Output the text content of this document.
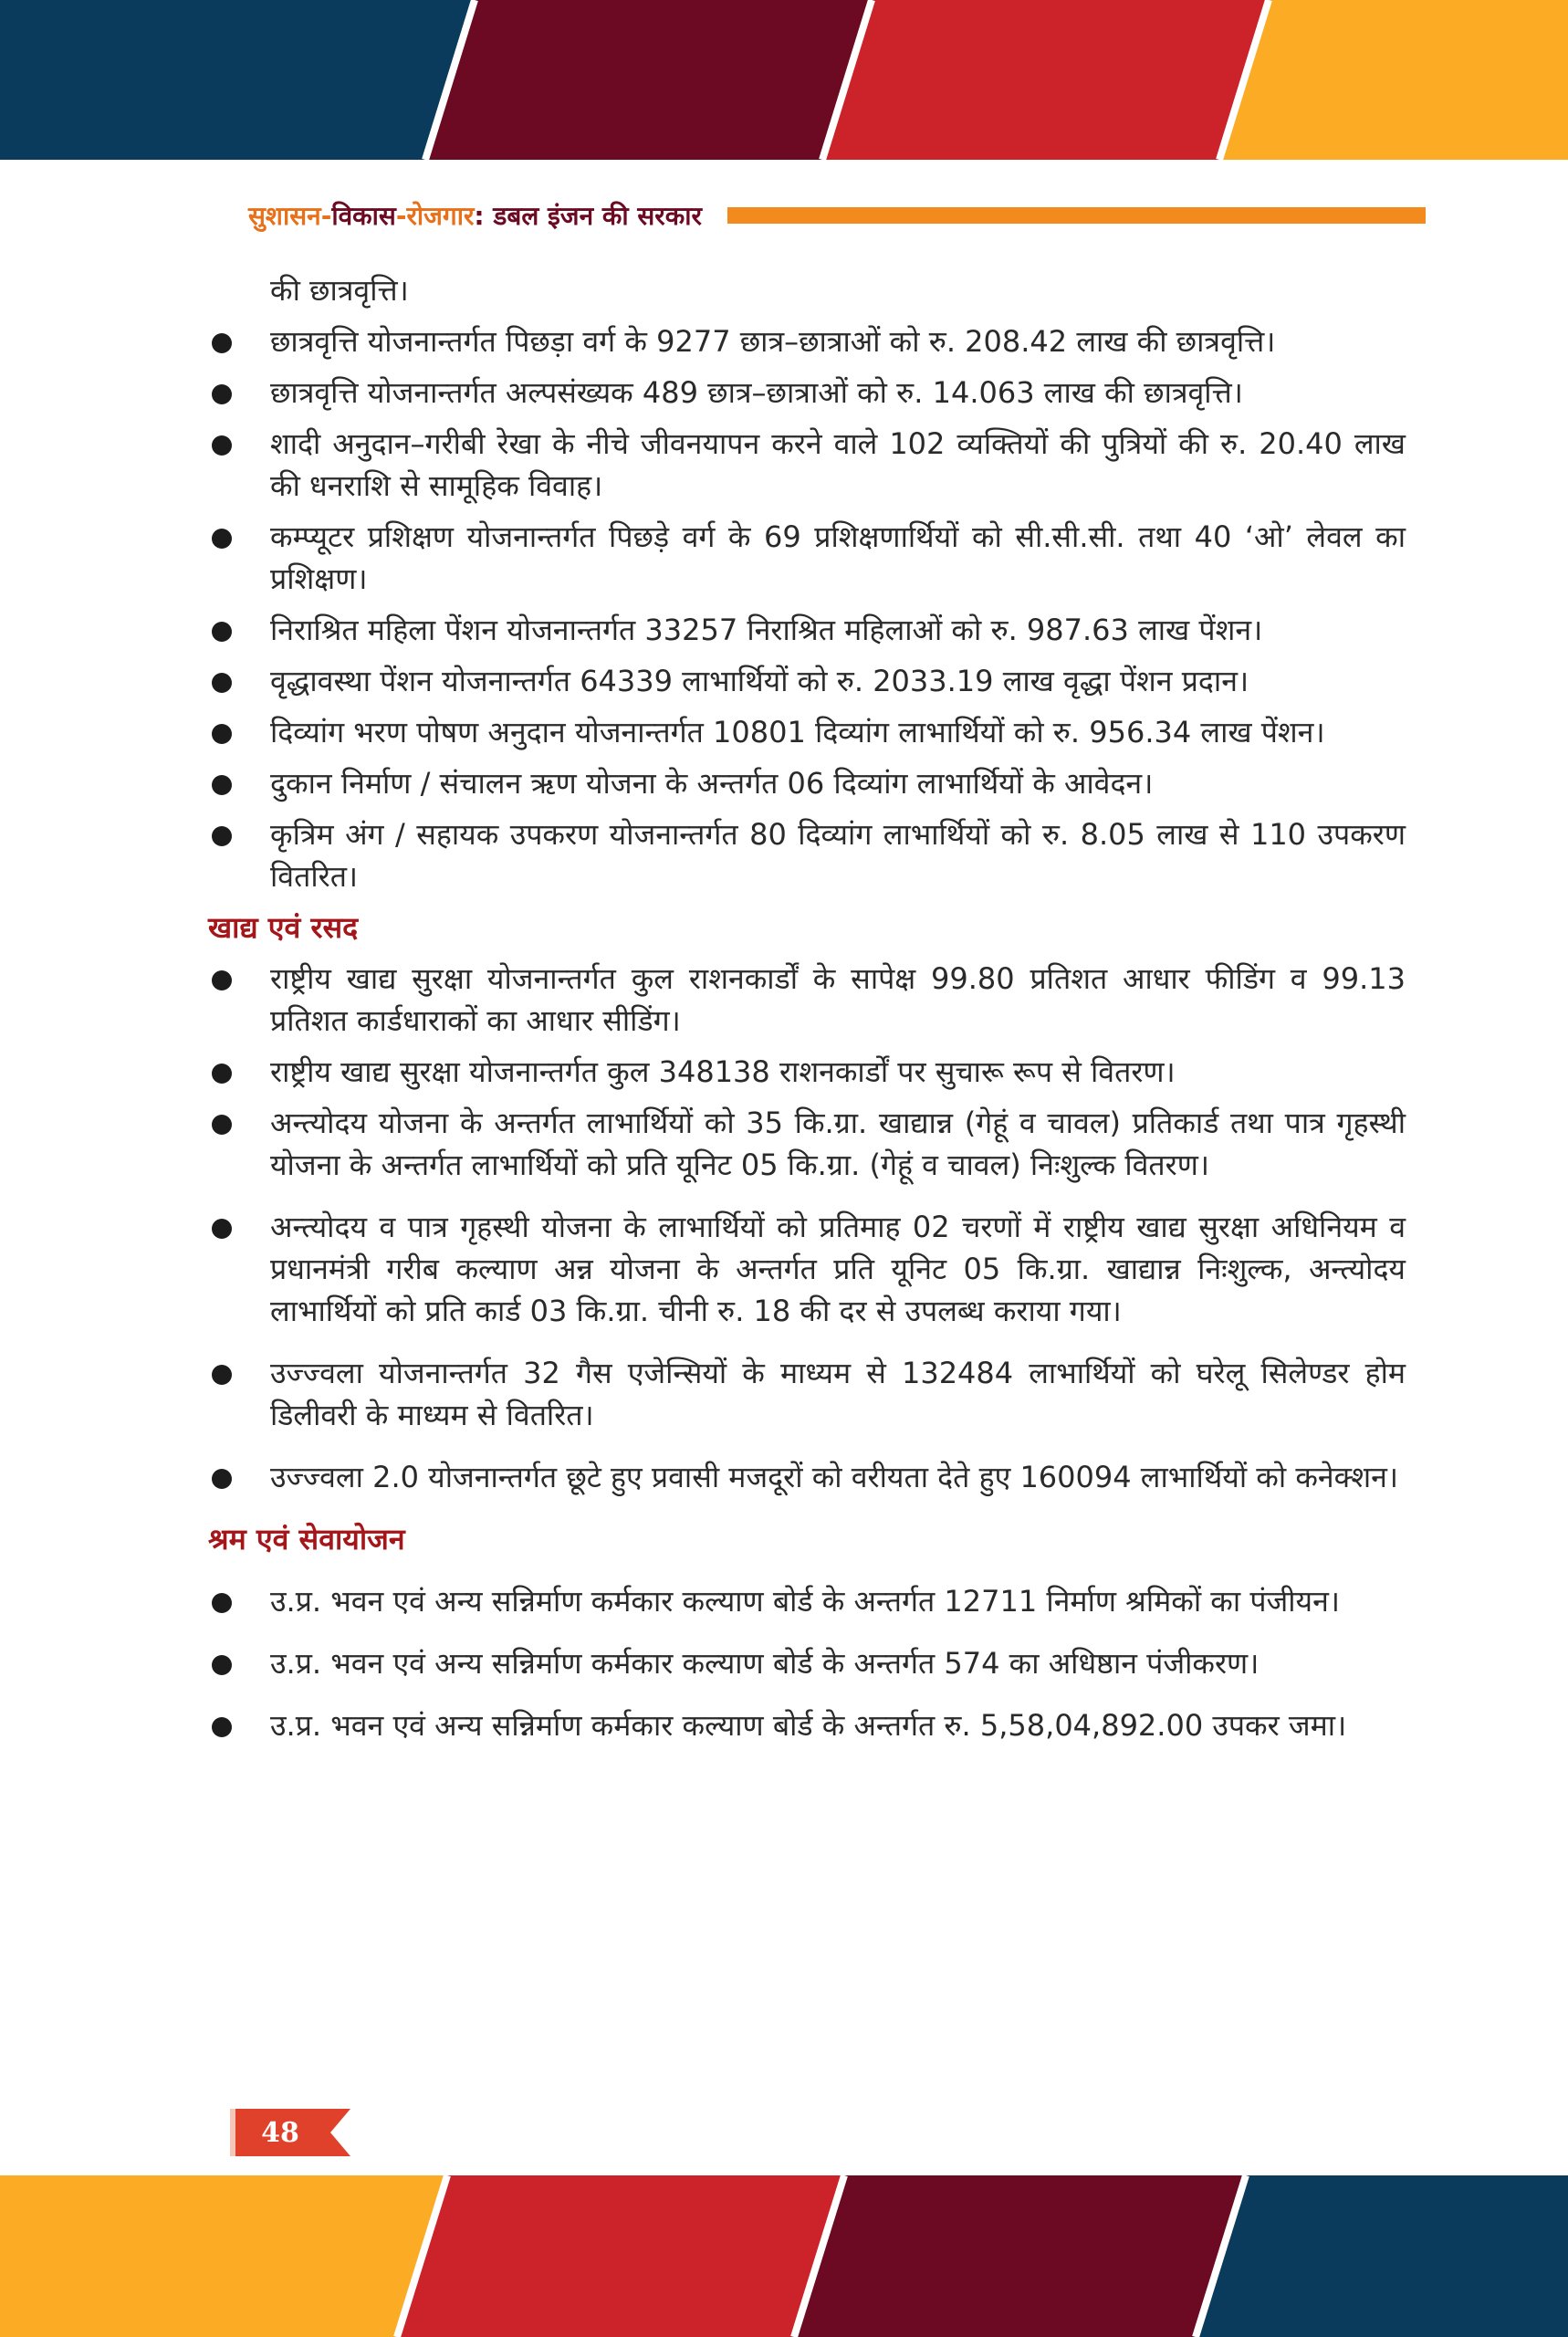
सुशासन- विकास -रोजगार : डबल इंजन की सरकार
की छात्रवृत्ति।
छात्रवृत्ति योजनान्तर्गत पिछड़ा वर्ग के 9277 छात्र–छात्राओं को रु. 208.42 लाख की छात्रवृत्ति।
छात्रवृत्ति योजनान्तर्गत अल्पसंख्यक 489 छात्र–छात्राओं को रु. 14.063 लाख की छात्रवृत्ति।
शादी अनुदान–गरीबी रेखा के नीचे जीवनयापन करने वाले 102 व्यक्तियों की पुत्रियों की रु. 20.40 लाख की धनराशि से सामूहिक विवाह।
कम्प्यूटर प्रशिक्षण योजनान्तर्गत पिछड़े वर्ग के 69 प्रशिक्षणार्थियों को सी.सी.सी. तथा 40 ‘ओ’ लेवल का प्रशिक्षण।
निराश्रित महिला पेंशन योजनान्तर्गत 33257 निराश्रित महिलाओं को रु. 987.63 लाख पेंशन।
वृद्धावस्था पेंशन योजनान्तर्गत 64339 लाभार्थियों को रु. 2033.19 लाख वृद्धा पेंशन प्रदान।
दिव्यांग भरण पोषण अनुदान योजनान्तर्गत 10801 दिव्यांग लाभार्थियों को रु. 956.34 लाख पेंशन।
दुकान निर्माण / संचालन ऋण योजना के अन्तर्गत 06 दिव्यांग लाभार्थियों के आवेदन।
कृत्रिम अंग / सहायक उपकरण योजनान्तर्गत 80 दिव्यांग लाभार्थियों को रु. 8.05 लाख से 110 उपकरण वितरित।
खाद्य एवं रसद
राष्ट्रीय खाद्य सुरक्षा योजनान्तर्गत कुल राशनकार्डों के सापेक्ष 99.80 प्रतिशत आधार फीडिंग व 99.13 प्रतिशत कार्डधाराकों का आधार सीडिंग।
राष्ट्रीय खाद्य सुरक्षा योजनान्तर्गत कुल 348138 राशनकार्डों पर सुचारू रूप से वितरण।
अन्त्योदय योजना के अन्तर्गत लाभार्थियों को 35 कि.ग्रा. खाद्यान्न (गेहूं व चावल) प्रतिकार्ड तथा पात्र गृहस्थी योजना के अन्तर्गत लाभार्थियों को प्रति यूनिट 05 कि.ग्रा. (गेहूं व चावल) निःशुल्क वितरण।
अन्त्योदय व पात्र गृहस्थी योजना के लाभार्थियों को प्रतिमाह 02 चरणों में राष्ट्रीय खाद्य सुरक्षा अधिनियम व प्रधानमंत्री गरीब कल्याण अन्न योजना के अन्तर्गत प्रति यूनिट 05 कि.ग्रा. खाद्यान्न निःशुल्क, अन्त्योदय लाभार्थियों को प्रति कार्ड 03 कि.ग्रा. चीनी रु. 18 की दर से उपलब्ध कराया गया।
उज्ज्वला योजनान्तर्गत 32 गैस एजेन्सियों के माध्यम से 132484 लाभार्थियों को घरेलू सिलेण्डर होम डिलीवरी के माध्यम से वितरित।
उज्ज्वला 2.0 योजनान्तर्गत छूटे हुए प्रवासी मजदूरों को वरीयता देते हुए 160094 लाभार्थियों को कनेक्शन।
श्रम एवं सेवायोजन
उ.प्र. भवन एवं अन्य सन्निर्माण कर्मकार कल्याण बोर्ड के अन्तर्गत 12711 निर्माण श्रमिकों का पंजीयन।
उ.प्र. भवन एवं अन्य सन्निर्माण कर्मकार कल्याण बोर्ड के अन्तर्गत 574 का अधिष्ठान पंजीकरण।
उ.प्र. भवन एवं अन्य सन्निर्माण कर्मकार कल्याण बोर्ड के अन्तर्गत रु. 5,58,04,892.00 उपकर जमा।
48
